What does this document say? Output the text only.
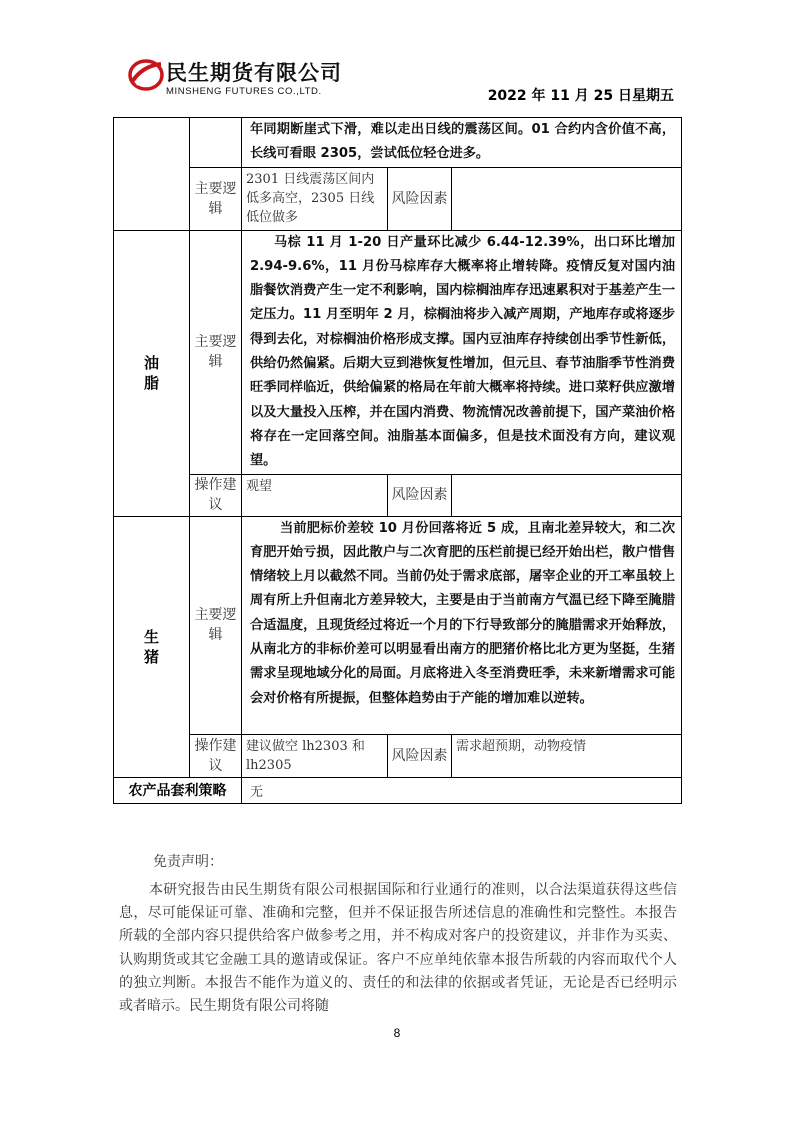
民生期货有限公司
MINSHENG FUTURES CO.,LTD.	2022 年 11 月 25 日星期五
		年同期断崖式下滑，难以走出日线的震荡区间。01 合约内含价值不高，长线可看眼 2305，尝试低位轻仓进多。		
	主要逻辑	2301 日线震荡区间内低多高空，2305 日线低位做多	风险因素	
油脂	主要逻辑	马棕 11 月 1-20 日产量环比减少 6.44-12.39%，出口环比增加 2.94-9.6%，11 月份马棕库存大概率将止增转降。疫情反复对国内油脂餐饮消费产生一定不利影响，国内棕榈油库存迅速累积对于基差产生一定压力。11 月至明年 2 月，棕榈油将步入减产周期，产地库存或将逐步得到去化，对棕榈油价格形成支撑。国内豆油库存持续创出季节性新低，供给仍然偏紧。后期大豆到港恢复性增加，但元旦、春节油脂季节性消费旺季同样临近，供给偏紧的格局在年前大概率将持续。进口菜籽供应激增以及大量投入压榨，并在国内消费、物流情况改善前提下，国产菜油价格将存在一定回落空间。油脂基本面偏多，但是技术面没有方向，建议观望。		
	操作建议	观望	风险因素	
生猪	主要逻辑	当前肥标价差较 10 月份回落将近 5 成，且南北差异较大，和二次育肥开始亏损，因此散户与二次育肥的压栏前提已经开始出栏，散户惜售情绪较上月以截然不同。当前仍处于需求底部，屠宰企业的开工率虽较上周有所上升但南北方差异较大，主要是由于当前南方气温已经下降至腌腊合适温度，且现货经过将近一个月的下行导致部分的腌腊需求开始释放，从南北方的非标价差可以明显看出南方的肥猪价格比北方更为坚挺，生猪需求呈现地域分化的局面。月底将进入冬至消费旺季，未来新增需求可能会对价格有所提振，但整体趋势由于产能的增加难以逆转。		
	操作建议	建议做空 lh2303 和 lh2305	风险因素	需求超预期，动物疫情
农产品套利策略		无		
免责声明：
本研究报告由民生期货有限公司根据国际和行业通行的准则，以合法渠道获得这些信息，尽可能保证可靠、准确和完整，但并不保证报告所述信息的准确性和完整性。本报告所载的全部内容只提供给客户做参考之用，并不构成对客户的投资建议，并非作为买卖、认购期货或其它金融工具的邀请或保证。客户不应单纯依靠本报告所载的内容而取代个人的独立判断。本报告不能作为道义的、责任的和法律的依据或者凭证，无论是否已经明示或者暗示。民生期货有限公司将随
8
